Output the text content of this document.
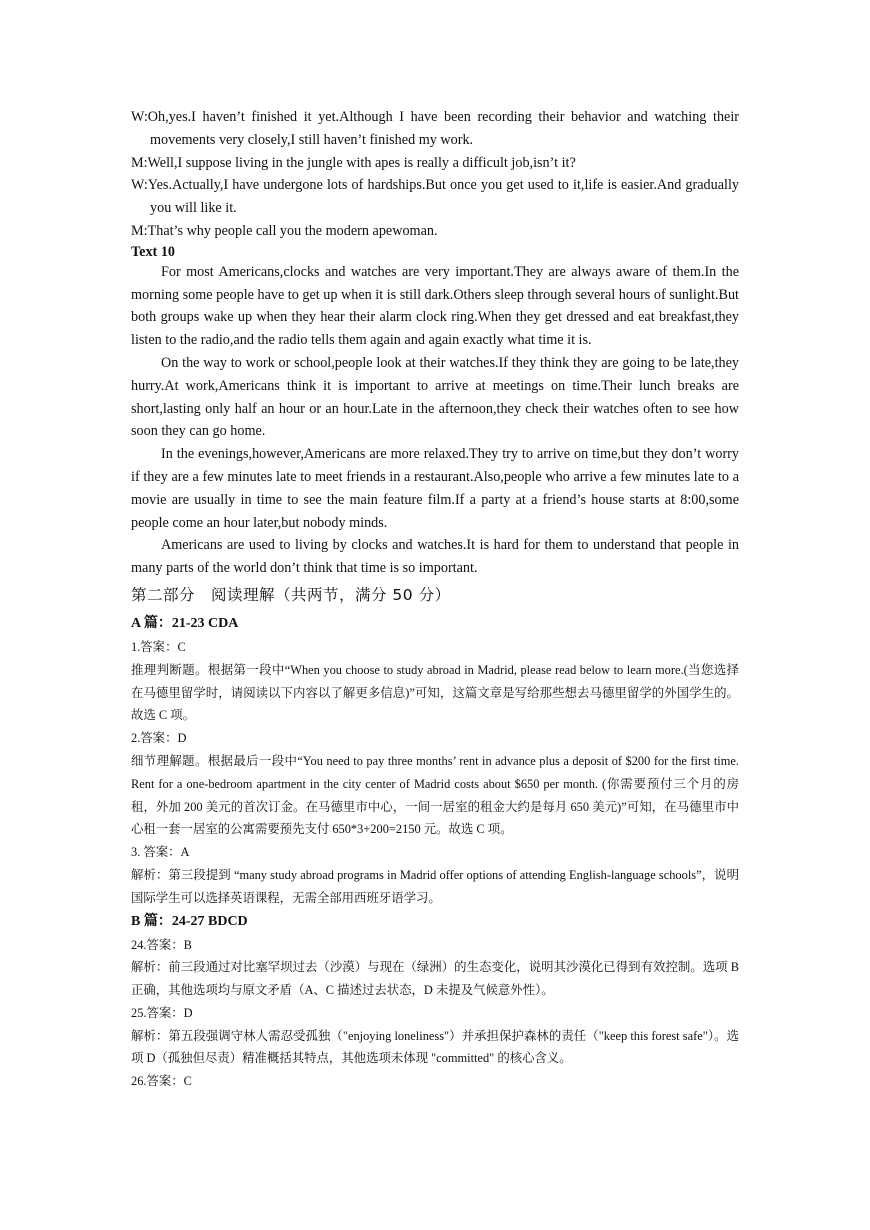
W:Oh,yes.I haven’t finished it yet.Although I have been recording their behavior and watching their movements very closely,I still haven’t finished my work.

M:Well,I suppose living in the jungle with apes is really a difficult job,isn’t it?

W:Yes.Actually,I have undergone lots of hardships.But once you get used to it,life is easier.And gradually you will like it.

M:That’s why people call you the modern apewoman.

Text 10

For most Americans,clocks and watches are very important.They are always aware of them.In the morning some people have to get up when it is still dark.Others sleep through several hours of sunlight.But both groups wake up when they hear their alarm clock ring.When they get dressed and eat breakfast,they listen to the radio,and the radio tells them again and again exactly what time it is.

On the way to work or school,people look at their watches.If they think they are going to be late,they hurry.At work,Americans think it is important to arrive at meetings on time.Their lunch breaks are short,lasting only half an hour or an hour.Late in the afternoon,they check their watches often to see how soon they can go home.

In the evenings,however,Americans are more relaxed.They try to arrive on time,but they don’t worry if they are a few minutes late to meet friends in a restaurant.Also,people who arrive a few minutes late to a movie are usually in time to see the main feature film.If a party at a friend’s house starts at 8:00,some people come an hour later,but nobody minds.

Americans are used to living by clocks and watches.It is hard for them to understand that people in many parts of the world don’t think that time is so important.

第二部分　阅读理解（共两节，满分 50 分）

A 篇：21-23 CDA

1.答案：C

推理判断题。根据第一段中“When you choose to study abroad in Madrid, please read below to learn more.(当您选择在马德里留学时，请阅读以下内容以了解更多信息)”可知，这篇文章是写给那些想去马德里留学的外国学生的。故选 C 项。

2.答案：D

细节理解题。根据最后一段中“You need to pay three months’ rent in advance plus a deposit of $200 for the first time. Rent for a one-bedroom apartment in the city center of Madrid costs about $650 per month. (你需要预付三个月的房租，外加 200 美元的首次订金。在马德里市中心，一间一居室的租金大约是每月 650 美元)”可知，在马德里市中心租一套一居室的公寓需要预先支付 650*3+200=2150 元。故选 C 项。

3. 答案：A

解析：第三段提到 “many study abroad programs in Madrid offer options of attending English-language schools”，说明国际学生可以选择英语课程，无需全部用西班牙语学习。

B 篇：24-27 BDCD

24.答案：B

解析：前三段通过对比塞罕坝过去（沙漠）与现在（绿洲）的生态变化，说明其沙漠化已得到有效控制。选项 B 正确，其他选项均与原文矛盾（A、C 描述过去状态，D 未提及气候意外性）。

25.答案：D

解析：第五段强调守林人需忍受孤独（"enjoying loneliness"）并承担保护森林的责任（"keep this forest safe"）。选项 D（孤独但尽责）精准概括其特点，其他选项未体现 "committed" 的核心含义。

26.答案：C
